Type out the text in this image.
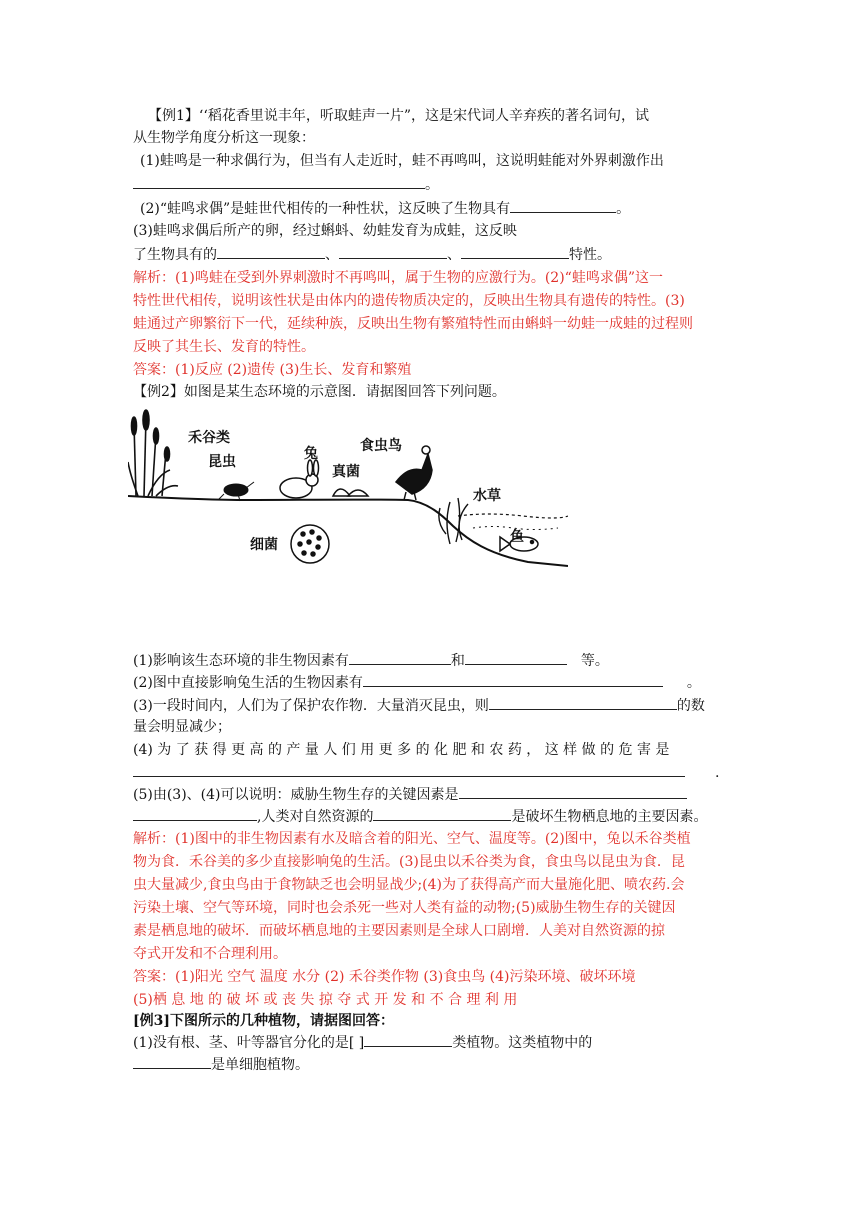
【例1】‘‘稻花香里说丰年，听取蛙声一片”，这是宋代词人辛弃疾的著名词句，试
从生物学角度分析这一现象：
(1)蛙鸣是一种求偶行为，但当有人走近时，蛙不再鸣叫，这说明蛙能对外界刺激作出
。
(2)“蛙鸣求偶”是蛙世代相传的一种性状，这反映了生物具有	。
(3)蛙鸣求偶后所产的卵，经过蝌蚪、幼蛙发育为成蛙，这反映
了生物具有的	、	、	特性。
解析：(1)鸣蛙在受到外界刺激时不再鸣叫，属于生物的应激行为。(2)“蛙鸣求偶”这一
特性世代相传，说明该性状是由体内的遗传物质决定的，反映出生物具有遗传的特性。(3)
蛙通过产卵繁衍下一代，延续种族，反映出生物有繁殖特性而由蝌蚪一幼蛙一成蛙的过程则
反映了其生长、发育的特性。
答案：(1)反应 (2)遗传 (3)生长、发育和繁殖
【例2】如图是某生态环境的示意图．请据图回答下列问题。
禾谷类
昆虫	兔
真菌
食虫鸟
水草
细菌	鱼
(1)影响该生态环境的非生物因素有	和	等。
(2)图中直接影响兔生活的生物因素有	。
(3)一段时间内，人们为了保护农作物．大量消灭昆虫，则	的数
量会明显减少；
(4) 为 了 获 得 更 高 的 产 量 人 们 用 更 多 的 化 肥 和 农 药 ， 这 样 做 的 危 害 是
.
(5)由(3)、(4)可以说明：威胁生物生存的关键因素是
,人类对自然资源的	是破坏生物栖息地的主要因素。
解析：(1)图中的非生物因素有水及暗含着的阳光、空气、温度等。(2)图中，兔以禾谷类植
物为食．禾谷美的多少直接影响兔的生活。(3)昆虫以禾谷类为食，食虫鸟以昆虫为食．昆
虫大量减少,食虫鸟由于食物缺乏也会明显战少;(4)为了获得高产而大量施化肥、喷农药.会
污染土壤、空气等环境，同时也会杀死一些对人类有益的动物;(5)威胁生物生存的关键因
素是栖息地的破坏．而破坏栖息地的主要因素则是全球人口剧增．人美对自然资源的掠
夺式开发和不合理利用。
答案：(1)阳光 空气 温度 水分 (2) 禾谷类作物 (3)食虫鸟 (4)污染环境、破坏环境
(5)栖 息 地 的 破 坏 或 丧 失 掠 夺 式 开 发 和 不 合 理 利 用
[例3]下图所示的几种植物，请据图回答：
(1)没有根、茎、叶等器官分化的是[ ]	类植物。这类植物中的
是单细胞植物。
